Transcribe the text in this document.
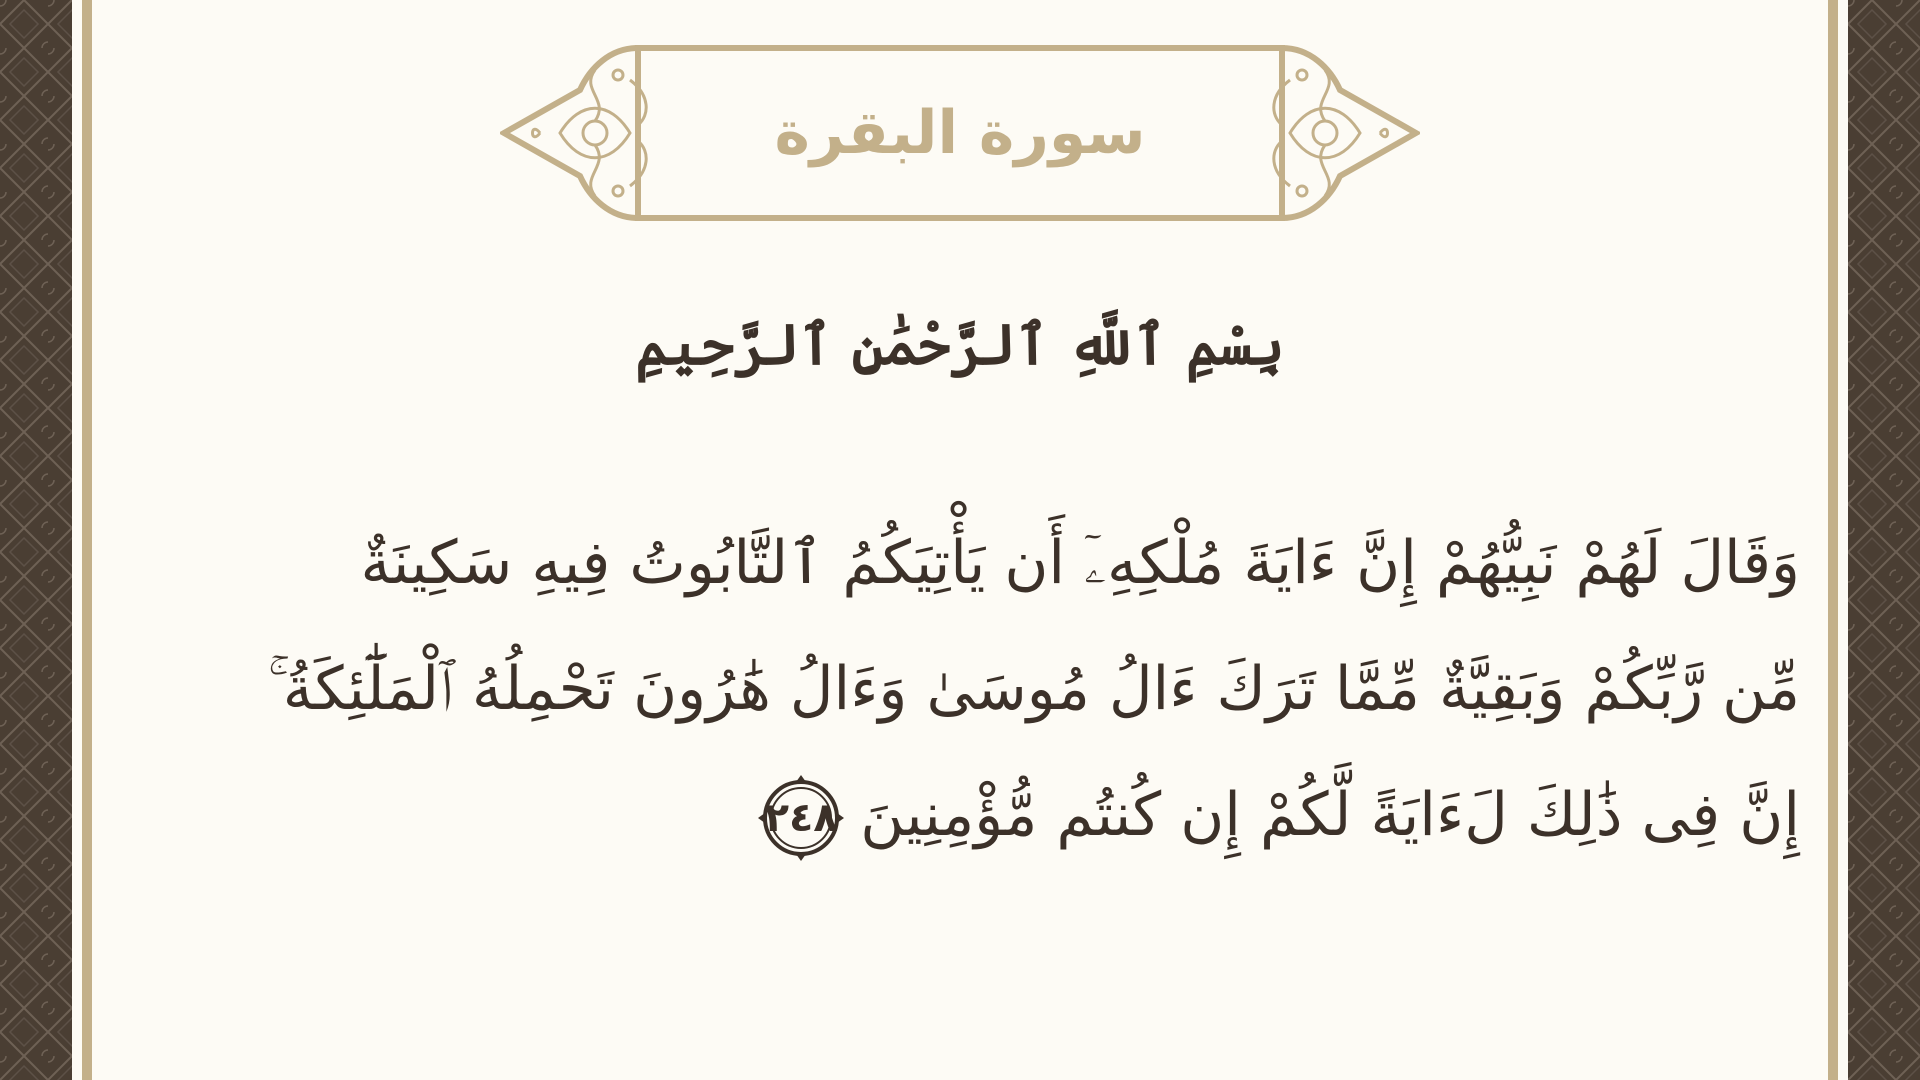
سورة البقرة
بِسْمِ ٱللَّهِ ٱلرَّحْمَٰنِ ٱلرَّحِيمِ
وَقَالَ لَهُمْ نَبِيُّهُمْ إِنَّ ءَايَةَ مُلْكِهِۦٓ أَن يَأْتِيَكُمُ ٱلتَّابُوتُ فِيهِ سَكِينَةٌ
مِّن رَّبِّكُمْ وَبَقِيَّةٌ مِّمَّا تَرَكَ ءَالُ مُوسَىٰ وَءَالُ هَٰرُونَ تَحْمِلُهُ ٱلْمَلَٰٓئِكَةُ ۚ
إِنَّ فِى ذَٰلِكَ لَءَايَةً لَّكُمْ إِن كُنتُم مُّؤْمِنِينَ
٢٤٨
